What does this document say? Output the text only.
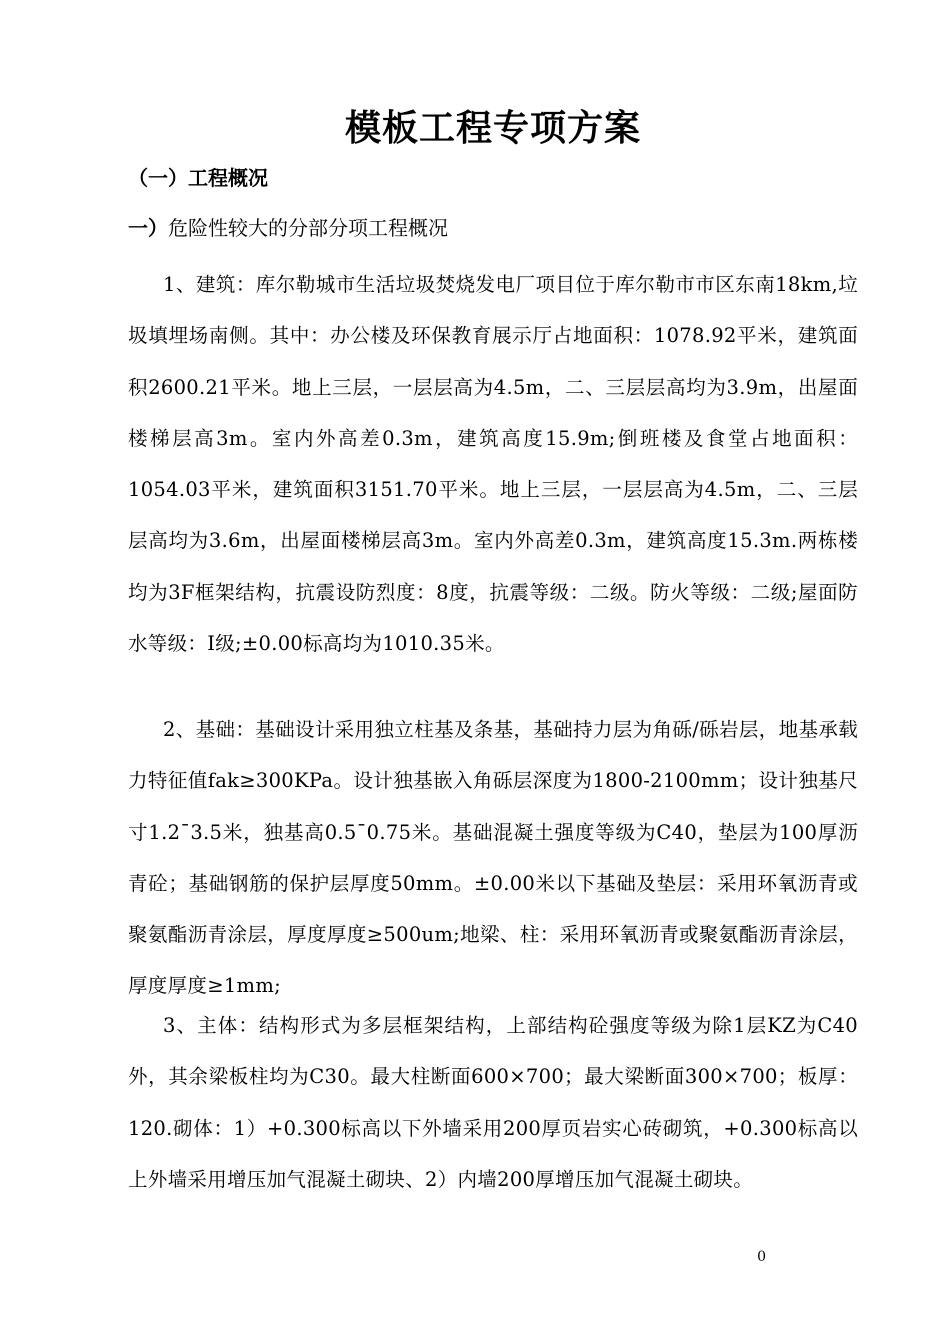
模板工程专项方案
（一）工程概况
一）危险性较大的分部分项工程概况

1、建筑：库尔勒城市生活垃圾焚烧发电厂项目位于库尔勒市市区东南18km,垃圾填埋场南侧。其中：办公楼及环保教育展示厅占地面积：1078.92平米，建筑面积2600.21平米。地上三层，一层层高为4.5m，二、三层层高均为3.9m，出屋面楼梯层高3m。室内外高差0.3m，建筑高度15.9m;倒班楼及食堂占地面积：1054.03平米，建筑面积3151.70平米。地上三层，一层层高为4.5m，二、三层层高均为3.6m，出屋面楼梯层高3m。室内外高差0.3m，建筑高度15.3m.两栋楼均为3F框架结构，抗震设防烈度：8度，抗震等级：二级。防火等级：二级;屋面防水等级：Ⅰ级;±0.00标高均为1010.35米。

2、基础：基础设计采用独立柱基及条基，基础持力层为角砾/砾岩层，地基承载力特征值fak≥300KPa。设计独基嵌入角砾层深度为1800-2100mm；设计独基尺寸1.2¯3.5米，独基高0.5¯0.75米。基础混凝土强度等级为C40，垫层为100厚沥青砼；基础钢筋的保护层厚度50mm。±0.00米以下基础及垫层：采用环氧沥青或聚氨酯沥青涂层，厚度厚度≥500um;地梁、柱：采用环氧沥青或聚氨酯沥青涂层，厚度厚度≥1mm;

3、主体：结构形式为多层框架结构，上部结构砼强度等级为除1层KZ为C40外，其余梁板柱均为C30。最大柱断面600×700；最大梁断面300×700；板厚：120.砌体：1）+0.300标高以下外墙采用200厚页岩实心砖砌筑，+0.300标高以上外墙采用增压加气混凝土砌块、2）内墙200厚增压加气混凝土砌块。

0
